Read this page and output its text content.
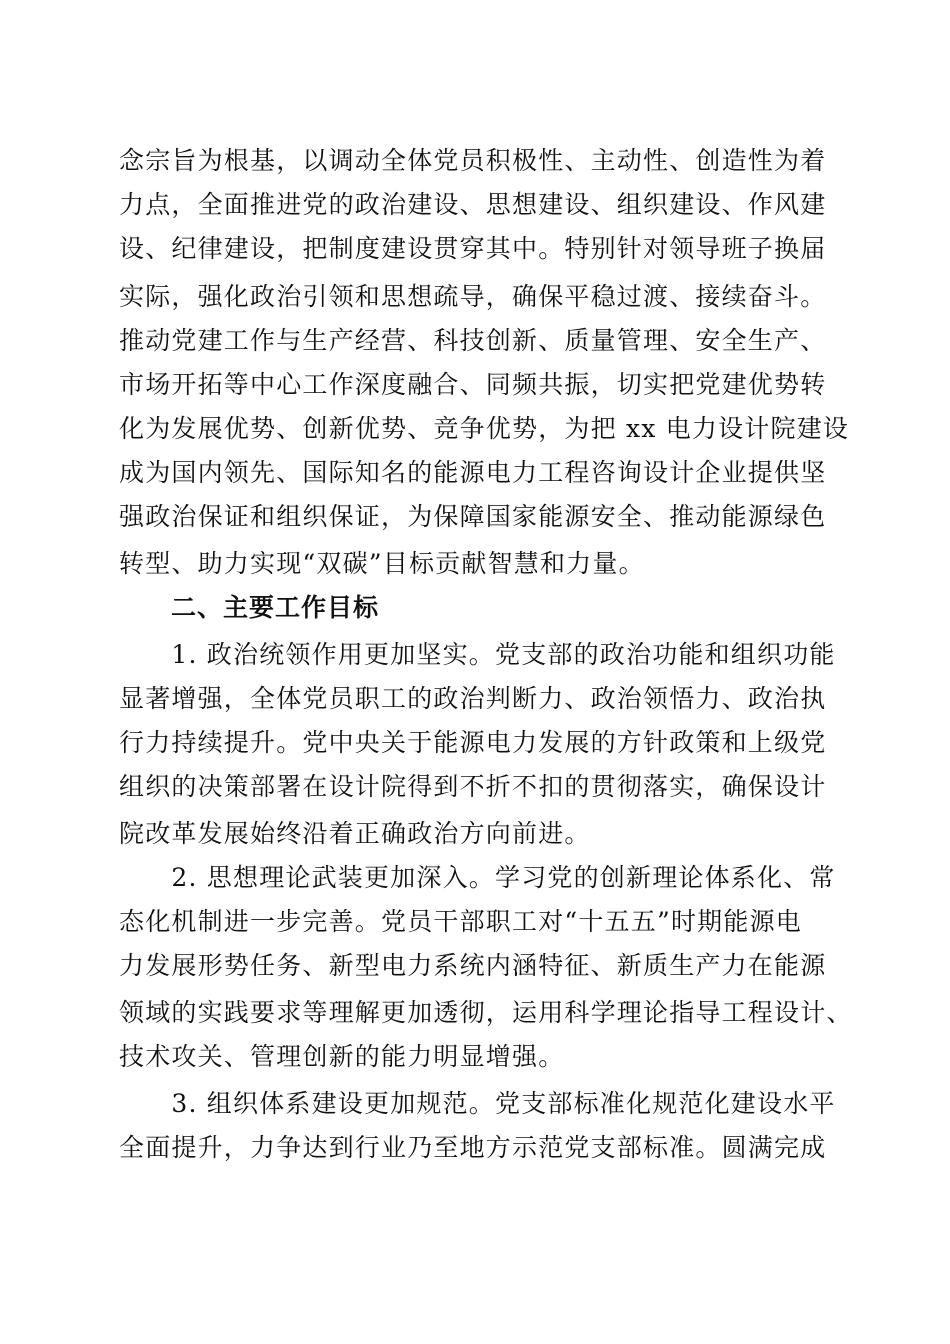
念宗旨为根基，以调动全体党员积极性、主动性、创造性为着
力点，全面推进党的政治建设、思想建设、组织建设、作风建
设、纪律建设，把制度建设贯穿其中。特别针对领导班子换届
实际，强化政治引领和思想疏导，确保平稳过渡、接续奋斗。
推动党建工作与生产经营、科技创新、质量管理、安全生产、
市场开拓等中心工作深度融合、同频共振，切实把党建优势转
化为发展优势、创新优势、竞争优势，为把 xx 电力设计院建设
成为国内领先、国际知名的能源电力工程咨询设计企业提供坚
强政治保证和组织保证，为保障国家能源安全、推动能源绿色
转型、助力实现“双碳”目标贡献智慧和力量。
　　二、主要工作目标
　　1. 政治统领作用更加坚实。党支部的政治功能和组织功能
显著增强，全体党员职工的政治判断力、政治领悟力、政治执
行力持续提升。党中央关于能源电力发展的方针政策和上级党
组织的决策部署在设计院得到不折不扣的贯彻落实，确保设计
院改革发展始终沿着正确政治方向前进。
　　2. 思想理论武装更加深入。学习党的创新理论体系化、常
态化机制进一步完善。党员干部职工对“十五五”时期能源电
力发展形势任务、新型电力系统内涵特征、新质生产力在能源
领域的实践要求等理解更加透彻，运用科学理论指导工程设计、
技术攻关、管理创新的能力明显增强。
　　3. 组织体系建设更加规范。党支部标准化规范化建设水平
全面提升，力争达到行业乃至地方示范党支部标准。圆满完成
